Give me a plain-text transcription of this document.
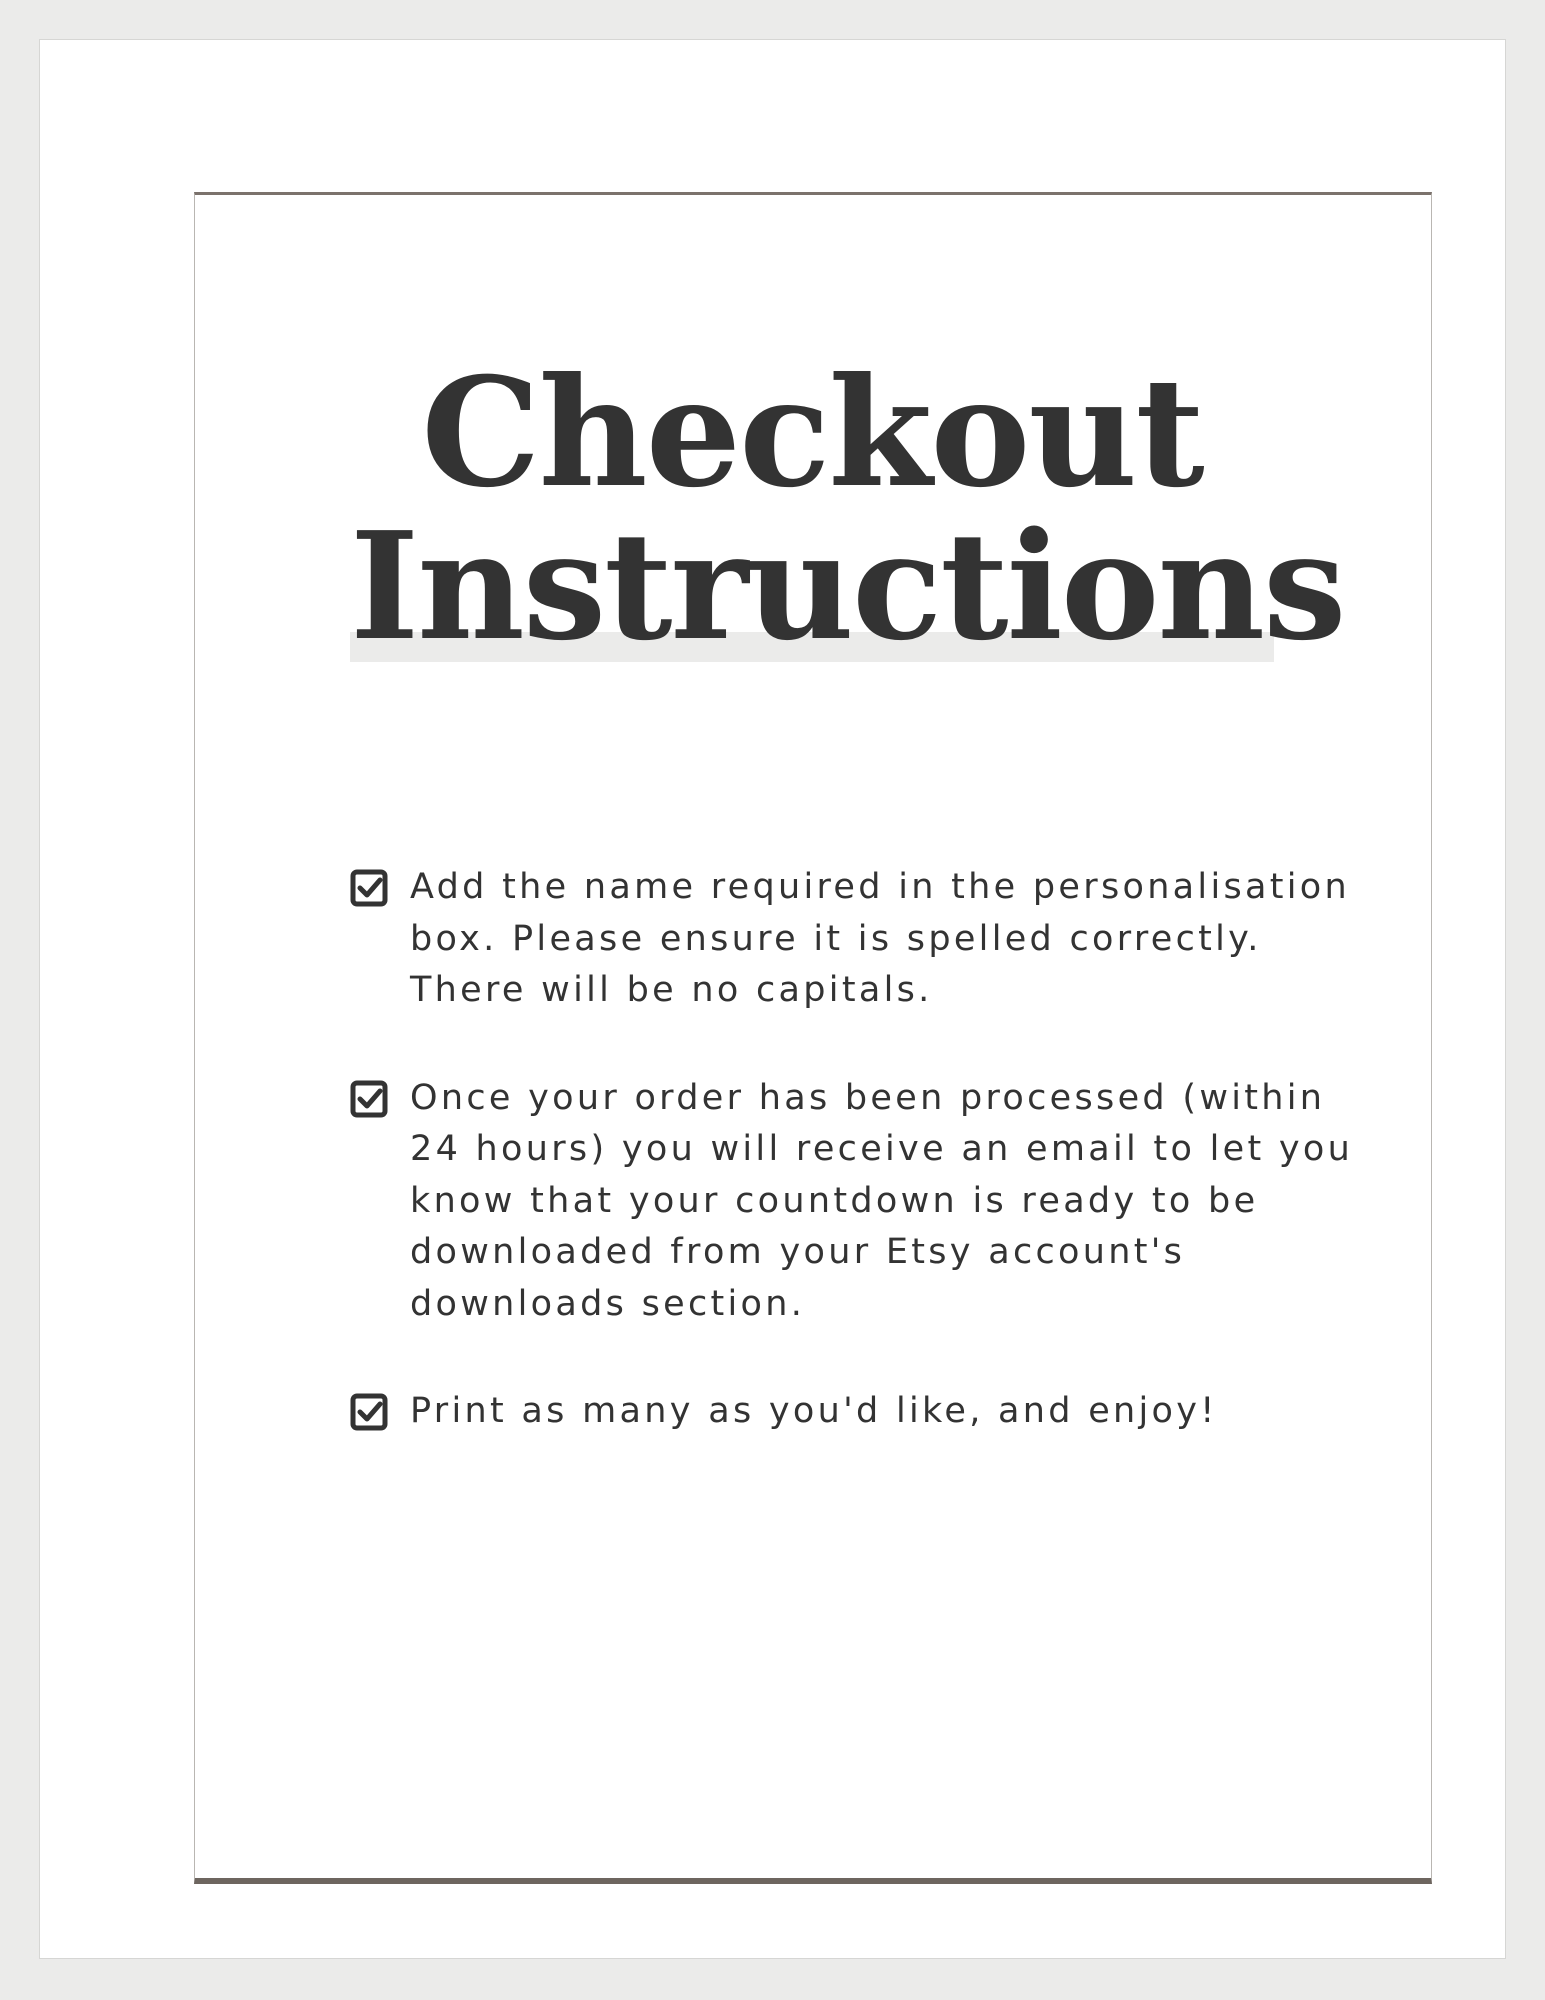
Checkout
Instructions
Add the name required in the personalisation box. Please ensure it is spelled correctly. There will be no capitals.
Once your order has been processed (within 24 hours) you will receive an email to let you know that your countdown is ready to be downloaded from your Etsy account's downloads section.
Print as many as you'd like, and enjoy!
